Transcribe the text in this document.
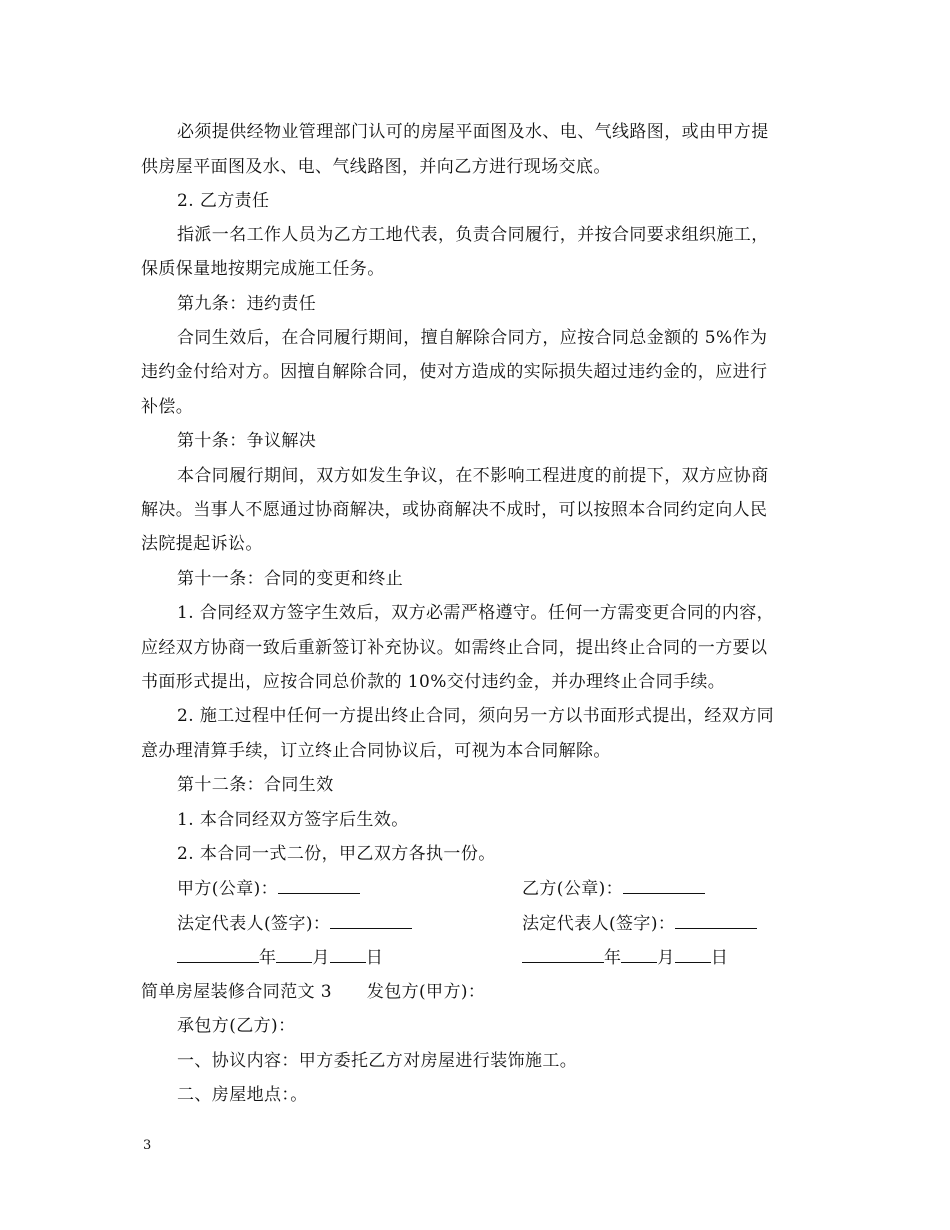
必须提供经物业管理部门认可的房屋平面图及水、电、气线路图，或由甲方提
供房屋平面图及水、电、气线路图，并向乙方进行现场交底。
2. 乙方责任
指派一名工作人员为乙方工地代表，负责合同履行，并按合同要求组织施工，
保质保量地按期完成施工任务。
第九条：违约责任
合同生效后，在合同履行期间，擅自解除合同方，应按合同总金额的 5%作为
违约金付给对方。因擅自解除合同，使对方造成的实际损失超过违约金的，应进行
补偿。
第十条：争议解决
本合同履行期间，双方如发生争议，在不影响工程进度的前提下，双方应协商
解决。当事人不愿通过协商解决，或协商解决不成时，可以按照本合同约定向人民
法院提起诉讼。
第十一条：合同的变更和终止
1. 合同经双方签字生效后，双方必需严格遵守。任何一方需变更合同的内容，
应经双方协商一致后重新签订补充协议。如需终止合同，提出终止合同的一方要以
书面形式提出，应按合同总价款的 10%交付违约金，并办理终止合同手续。
2. 施工过程中任何一方提出终止合同，须向另一方以书面形式提出，经双方同
意办理清算手续，订立终止合同协议后，可视为本合同解除。
第十二条：合同生效
1. 本合同经双方签字后生效。
2. 本合同一式二份，甲乙双方各执一份。
甲方(公章)：	乙方(公章)：
法定代表人(签字)：	法定代表人(签字)：
年 月 日	年 月 日
简单房屋装修合同范文 3　　发包方(甲方)：
承包方(乙方)：
一、协议内容：甲方委托乙方对房屋进行装饰施工。
二、房屋地点：。
3
